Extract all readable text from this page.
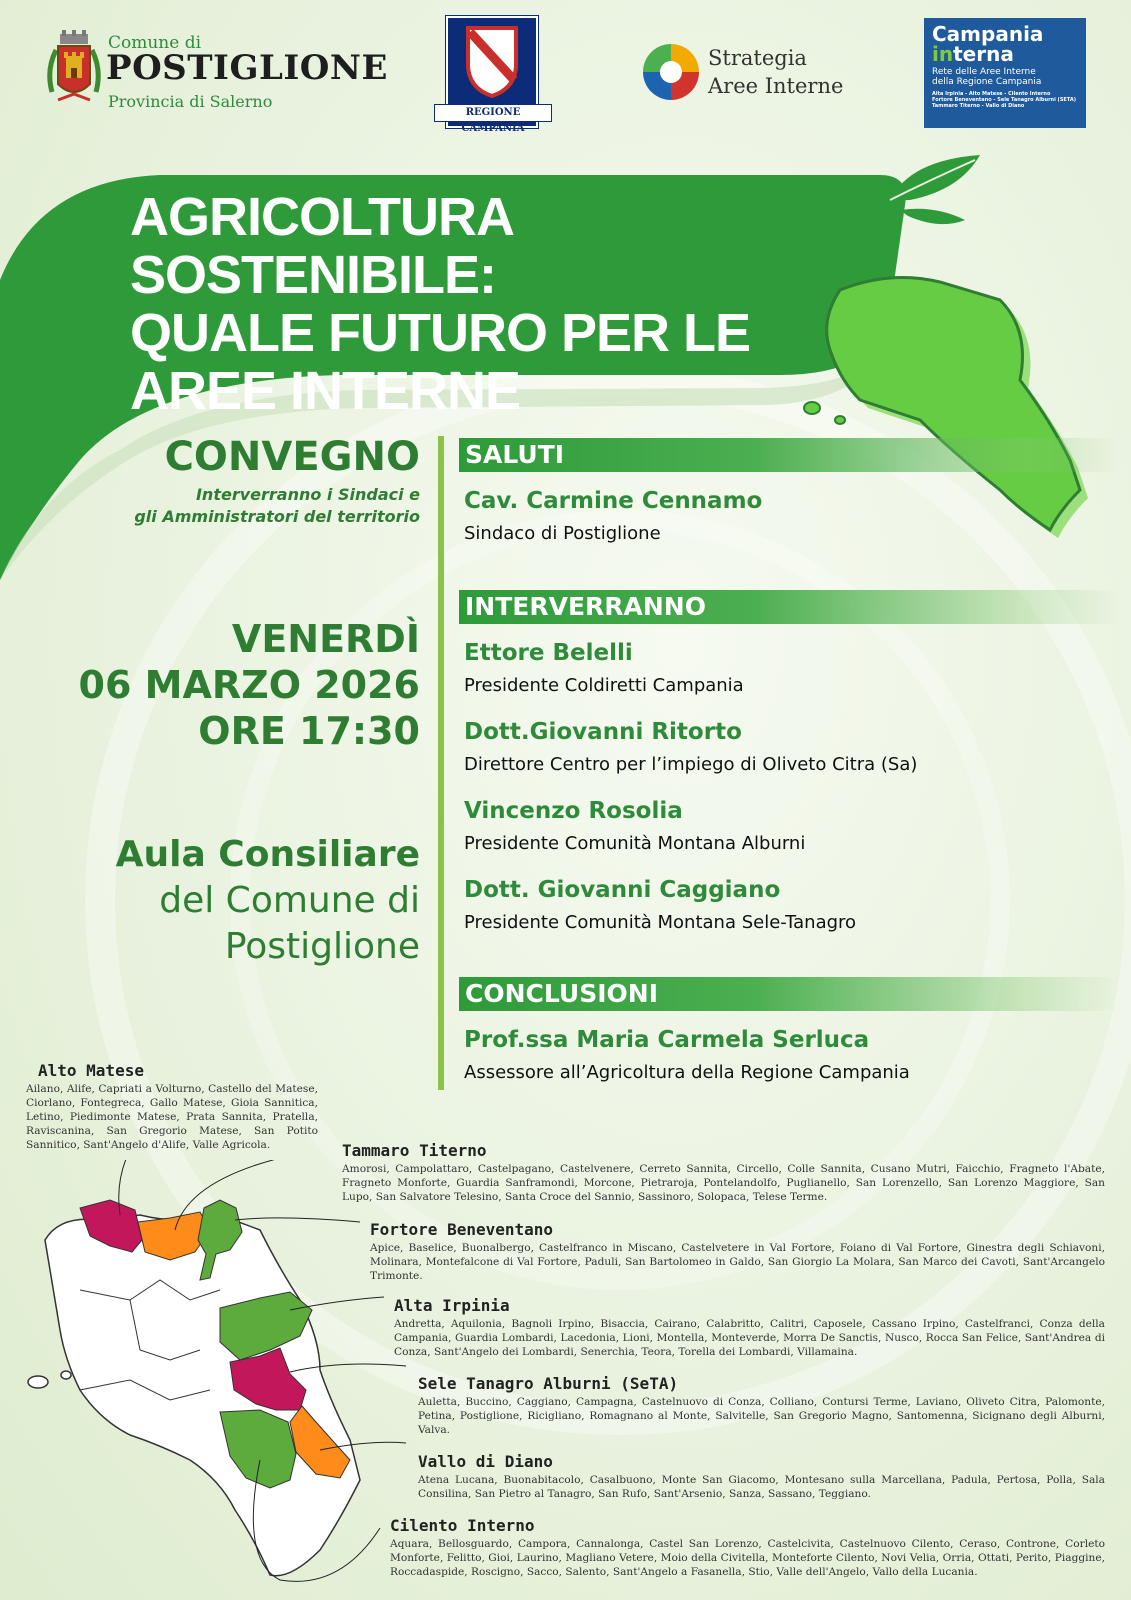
Comune di
POSTIGLIONE
Provincia di Salerno
REGIONE CAMPANIA
Strategia
Aree Interne
Campania
interna
Rete delle Aree Interne
della Regione Campania
Alta Irpinia - Alto Matese - Cilento Interno
Fortore Beneventano - Sele Tanagro Alburni (SETA)
Tammaro Titerno - Vallo di Diano
AGRICOLTURA SOSTENIBILE:
QUALE FUTURO PER LE
AREE INTERNE
CONVEGNO
Interverranno i Sindaci e
gli Amministratori del territorio
VENERDÌ
06 MARZO 2026
ORE 17:30
Aula Consiliare
del Comune di
Postiglione
SALUTI
Cav. Carmine Cennamo
Sindaco di Postiglione
INTERVERRANNO
Ettore Belelli
Presidente Coldiretti Campania
Dott.Giovanni Ritorto
Direttore Centro per l’impiego di Oliveto Citra (Sa)
Vincenzo Rosolia
Presidente Comunità Montana Alburni
Dott. Giovanni Caggiano
Presidente Comunità Montana Sele-Tanagro
CONCLUSIONI
Prof.ssa Maria Carmela Serluca
Assessore all’Agricoltura della Regione Campania
Alto Matese
Ailano, Alife, Capriati a Volturno, Castello del Matese, Ciorlano, Fontegreca, Gallo Matese, Gioia Sannitica, Letino, Piedimonte Matese, Prata Sannita, Pratella, Raviscanina, San Gregorio Matese, San Potito Sannitico, Sant'Angelo d'Alife, Valle Agricola.	Tammaro Titerno
Amorosi, Campolattaro, Castelpagano, Castelvenere, Cerreto Sannita, Circello, Colle Sannita, Cusano Mutri, Faicchio, Fragneto l'Abate, Fragneto Monforte, Guardia Sanframondi, Morcone, Pietraroja, Pontelandolfo, Puglianello, San Lorenzello, San Lorenzo Maggiore, San Lupo, San Salvatore Telesino, Santa Croce del Sannio, Sassinoro, Solopaca, Telese Terme.
Fortore Beneventano
Apice, Baselice, Buonalbergo, Castelfranco in Miscano, Castelvetere in Val Fortore, Foiano di Val Fortore, Ginestra degli Schiavoni, Molinara, Montefalcone di Val Fortore, Paduli, San Bartolomeo in Galdo, San Giorgio La Molara, San Marco dei Cavoti, Sant'Arcangelo Trimonte.
Alta Irpinia
Andretta, Aquilonia, Bagnoli Irpino, Bisaccia, Cairano, Calabritto, Calitri, Caposele, Cassano Irpino, Castelfranci, Conza della Campania, Guardia Lombardi, Lacedonia, Lioni, Montella, Monteverde, Morra De Sanctis, Nusco, Rocca San Felice, Sant'Andrea di Conza, Sant'Angelo dei Lombardi, Senerchia, Teora, Torella dei Lombardi, Villamaina.
Sele Tanagro Alburni (SeTA)
Auletta, Buccino, Caggiano, Campagna, Castelnuovo di Conza, Colliano, Contursi Terme, Laviano, Oliveto Citra, Palomonte, Petina, Postiglione, Ricigliano, Romagnano al Monte, Salvitelle, San Gregorio Magno, Santomenna, Sicignano degli Alburni, Valva.
Vallo di Diano
Atena Lucana, Buonabitacolo, Casalbuono, Monte San Giacomo, Montesano sulla Marcellana, Padula, Pertosa, Polla, Sala Consilina, San Pietro al Tanagro, San Rufo, Sant'Arsenio, Sanza, Sassano, Teggiano.
Cilento Interno
Aquara, Bellosguardo, Campora, Cannalonga, Castel San Lorenzo, Castelcivita, Castelnuovo Cilento, Ceraso, Controne, Corleto Monforte, Felitto, Gioi, Laurino, Magliano Vetere, Moio della Civitella, Monteforte Cilento, Novi Velia, Orria, Ottati, Perito, Piaggine, Roccadaspide, Roscigno, Sacco, Salento, Sant'Angelo a Fasanella, Stio, Valle dell'Angelo, Vallo della Lucania.
